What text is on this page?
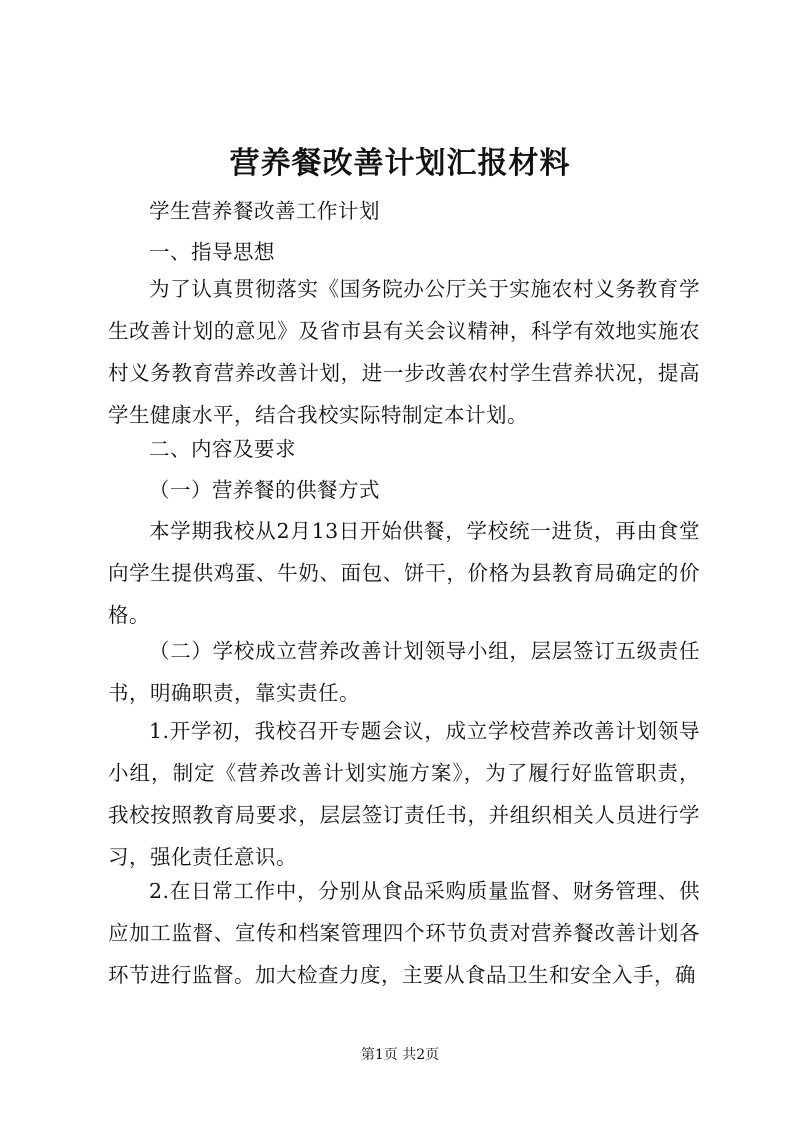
营养餐改善计划汇报材料

学生营养餐改善工作计划

一、指导思想

为了认真贯彻落实《国务院办公厅关于实施农村义务教育学生改善计划的意见》及省市县有关会议精神，科学有效地实施农村义务教育营养改善计划，进一步改善农村学生营养状况，提高学生健康水平，结合我校实际特制定本计划。

二、内容及要求

（一）营养餐的供餐方式

本学期我校从2月13日开始供餐，学校统一进货，再由食堂向学生提供鸡蛋、牛奶、面包、饼干，价格为县教育局确定的价格。

（二）学校成立营养改善计划领导小组，层层签订五级责任书，明确职责，靠实责任。

1.开学初，我校召开专题会议，成立学校营养改善计划领导小组，制定《营养改善计划实施方案》，为了履行好监管职责，我校按照教育局要求，层层签订责任书，并组织相关人员进行学习，强化责任意识。

2.在日常工作中，分别从食品采购质量监督、财务管理、供应加工监督、宣传和档案管理四个环节负责对营养餐改善计划各环节进行监督。加大检查力度，主要从食品卫生和安全入手，确

第1页 共2页
